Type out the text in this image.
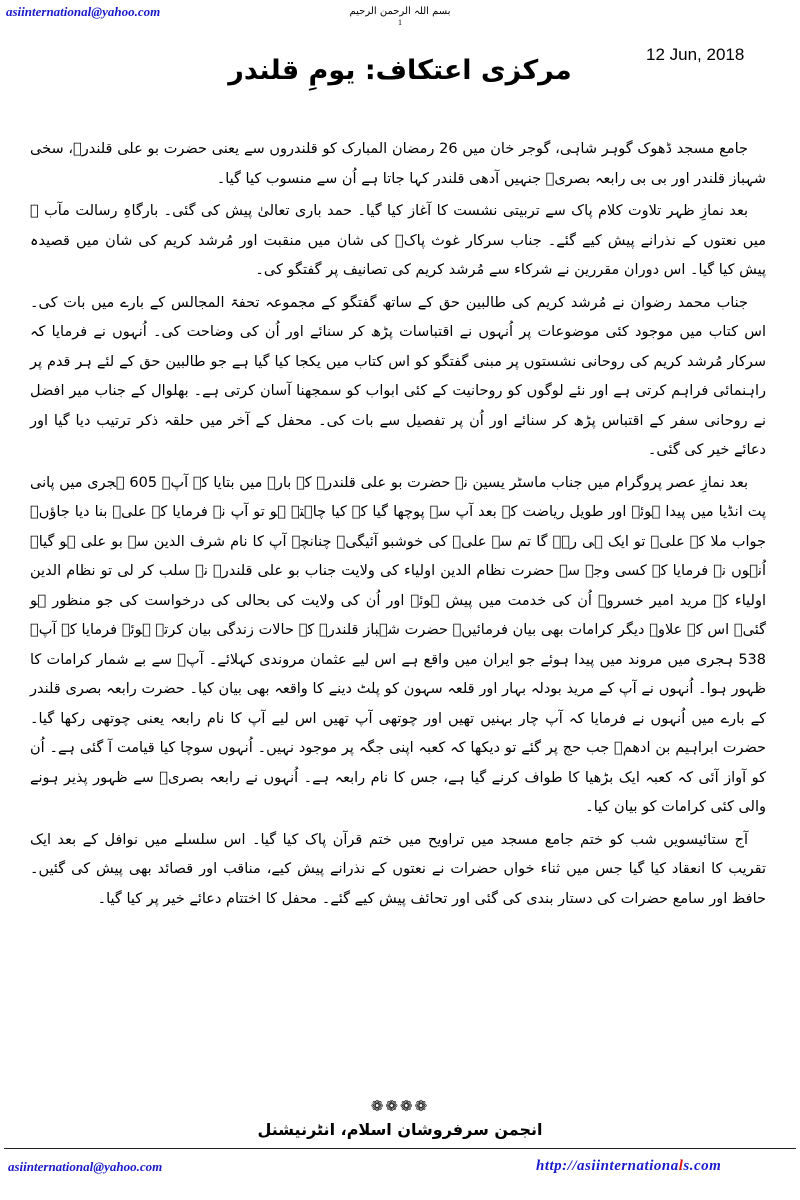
asiinternational@yahoo.com	بسم اللہ الرحمن الرحیم
1
12 Jun, 2018
مرکزی اعتکاف: یومِ قلندر

جامع مسجد ڈھوک گوہر شاہی، گوجر خان میں 26 رمضان المبارک کو قلندروں سے یعنی حضرت بو علی قلندرؒ، سخی شہباز قلندر اور بی بی رابعہ بصریؒ جنہیں آدھی قلندر کہا جاتا ہے اُن سے منسوب کیا گیا۔

بعد نمازِ ظہر تلاوت کلام پاک سے تربیتی نشست کا آغاز کیا گیا۔ حمد باری تعالیٰ پیش کی گئی۔ بارگاہِ رسالت مآب ﷺ میں نعتوں کے نذرانے پیش کیے گئے۔ جناب سرکار غوث پاکؒ کی شان میں منقبت اور مُرشد کریم کی شان میں قصیدہ پیش کیا گیا۔ اس دوران مقررین نے شرکاء سے مُرشد کریم کی تصانیف پر گفتگو کی۔

جناب محمد رضوان نے مُرشد کریم کی طالبین حق کے ساتھ گفتگو کے مجموعہ تحفۃ المجالس کے بارے میں بات کی۔ اس کتاب میں موجود کئی موضوعات پر اُنہوں نے اقتباسات پڑھ کر سنائے اور اُن کی وضاحت کی۔ اُنہوں نے فرمایا کہ سرکار مُرشد کریم کی روحانی نشستوں پر مبنی گفتگو کو اس کتاب میں یکجا کیا گیا ہے جو طالبین حق کے لئے ہر قدم پر راہنمائی فراہم کرتی ہے اور نئے لوگوں کو روحانیت کے کئی ابواب کو سمجھنا آسان کرتی ہے۔ بھلوال کے جناب میر افضل نے روحانی سفر کے اقتباس پڑھ کر سنائے اور اُن پر تفصیل سے بات کی۔ محفل کے آخر میں حلقہ ذکر ترتیب دیا گیا اور دعائے خیر کی گئی۔

بعد نمازِ عصر پروگرام میں جناب ماسٹر یسین نے حضرت بو علی قلندرؒ کے بارے میں بتایا کہ آپؒ 605 ہجری میں پانی پت انڈیا میں پیدا ہوئے اور طویل ریاضت کے بعد آپ سے پوچھا گیا کہ کیا چاہتے ہو تو آپ نے فرمایا کہ علیؑ بنا دیا جاؤں۔ جواب ملا کہ علیؑ تو ایک ہی رہے گا تم سے علیؑ کی خوشبو آئیگی۔ چنانچہ آپ کا نام شرف الدین سے بو علی ہو گیا۔ اُنہوں نے فرمایا کہ کسی وجہ سے حضرت نظام الدین اولیاء کی ولایت جناب بو علی قلندرؒ نے سلب کر لی تو نظام الدین اولیاء کے مرید امیر خسروؒ اُن کی خدمت میں پیش ہوئے اور اُن کی ولایت کی بحالی کی درخواست کی جو منظور ہو گئی۔ اس کے علاوہ دیگر کرامات بھی بیان فرمائیں۔ حضرت شہباز قلندرؒ کے حالات زندگی بیان کرتے ہوئے فرمایا کہ آپؒ 538 ہجری میں مروند میں پیدا ہوئے جو ایران میں واقع ہے اس لیے عثمان مروندی کہلائے۔ آپؒ سے بے شمار کرامات کا ظہور ہوا۔ اُنہوں نے آپ کے مرید بودلہ بہار اور قلعہ سہون کو پلٹ دینے کا واقعہ بھی بیان کیا۔ حضرت رابعہ بصری قلندر کے بارے میں اُنہوں نے فرمایا کہ آپ چار بہنیں تھیں اور چوتھی آپ تھیں اس لیے آپ کا نام رابعہ یعنی چوتھی رکھا گیا۔ حضرت ابراہیم بن ادھمؒ جب حج پر گئے تو دیکھا کہ کعبہ اپنی جگہ پر موجود نہیں۔ اُنہوں سوچا کیا قیامت آ گئی ہے۔ اُن کو آواز آئی کہ کعبہ ایک بڑھیا کا طواف کرنے گیا ہے، جس کا نام رابعہ ہے۔ اُنہوں نے رابعہ بصریؒ سے ظہور پذیر ہونے والی کئی کرامات کو بیان کیا۔

آج ستائیسویں شب کو ختم جامع مسجد میں تراویح میں ختم قرآن پاک کیا گیا۔ اس سلسلے میں نوافل کے بعد ایک تقریب کا انعقاد کیا گیا جس میں ثناء خواں حضرات نے نعتوں کے نذرانے پیش کیے، مناقب اور قصائد بھی پیش کی گئیں۔ حافظ اور سامع حضرات کی دستار بندی کی گئی اور تحائف پیش کیے گئے۔ محفل کا اختتام دعائے خیر پر کیا گیا۔

❁❁❁❁
انجمن سرفروشان اسلام، انٹرنیشنل
asiinternational@yahoo.com	http://asiinternationals.com
